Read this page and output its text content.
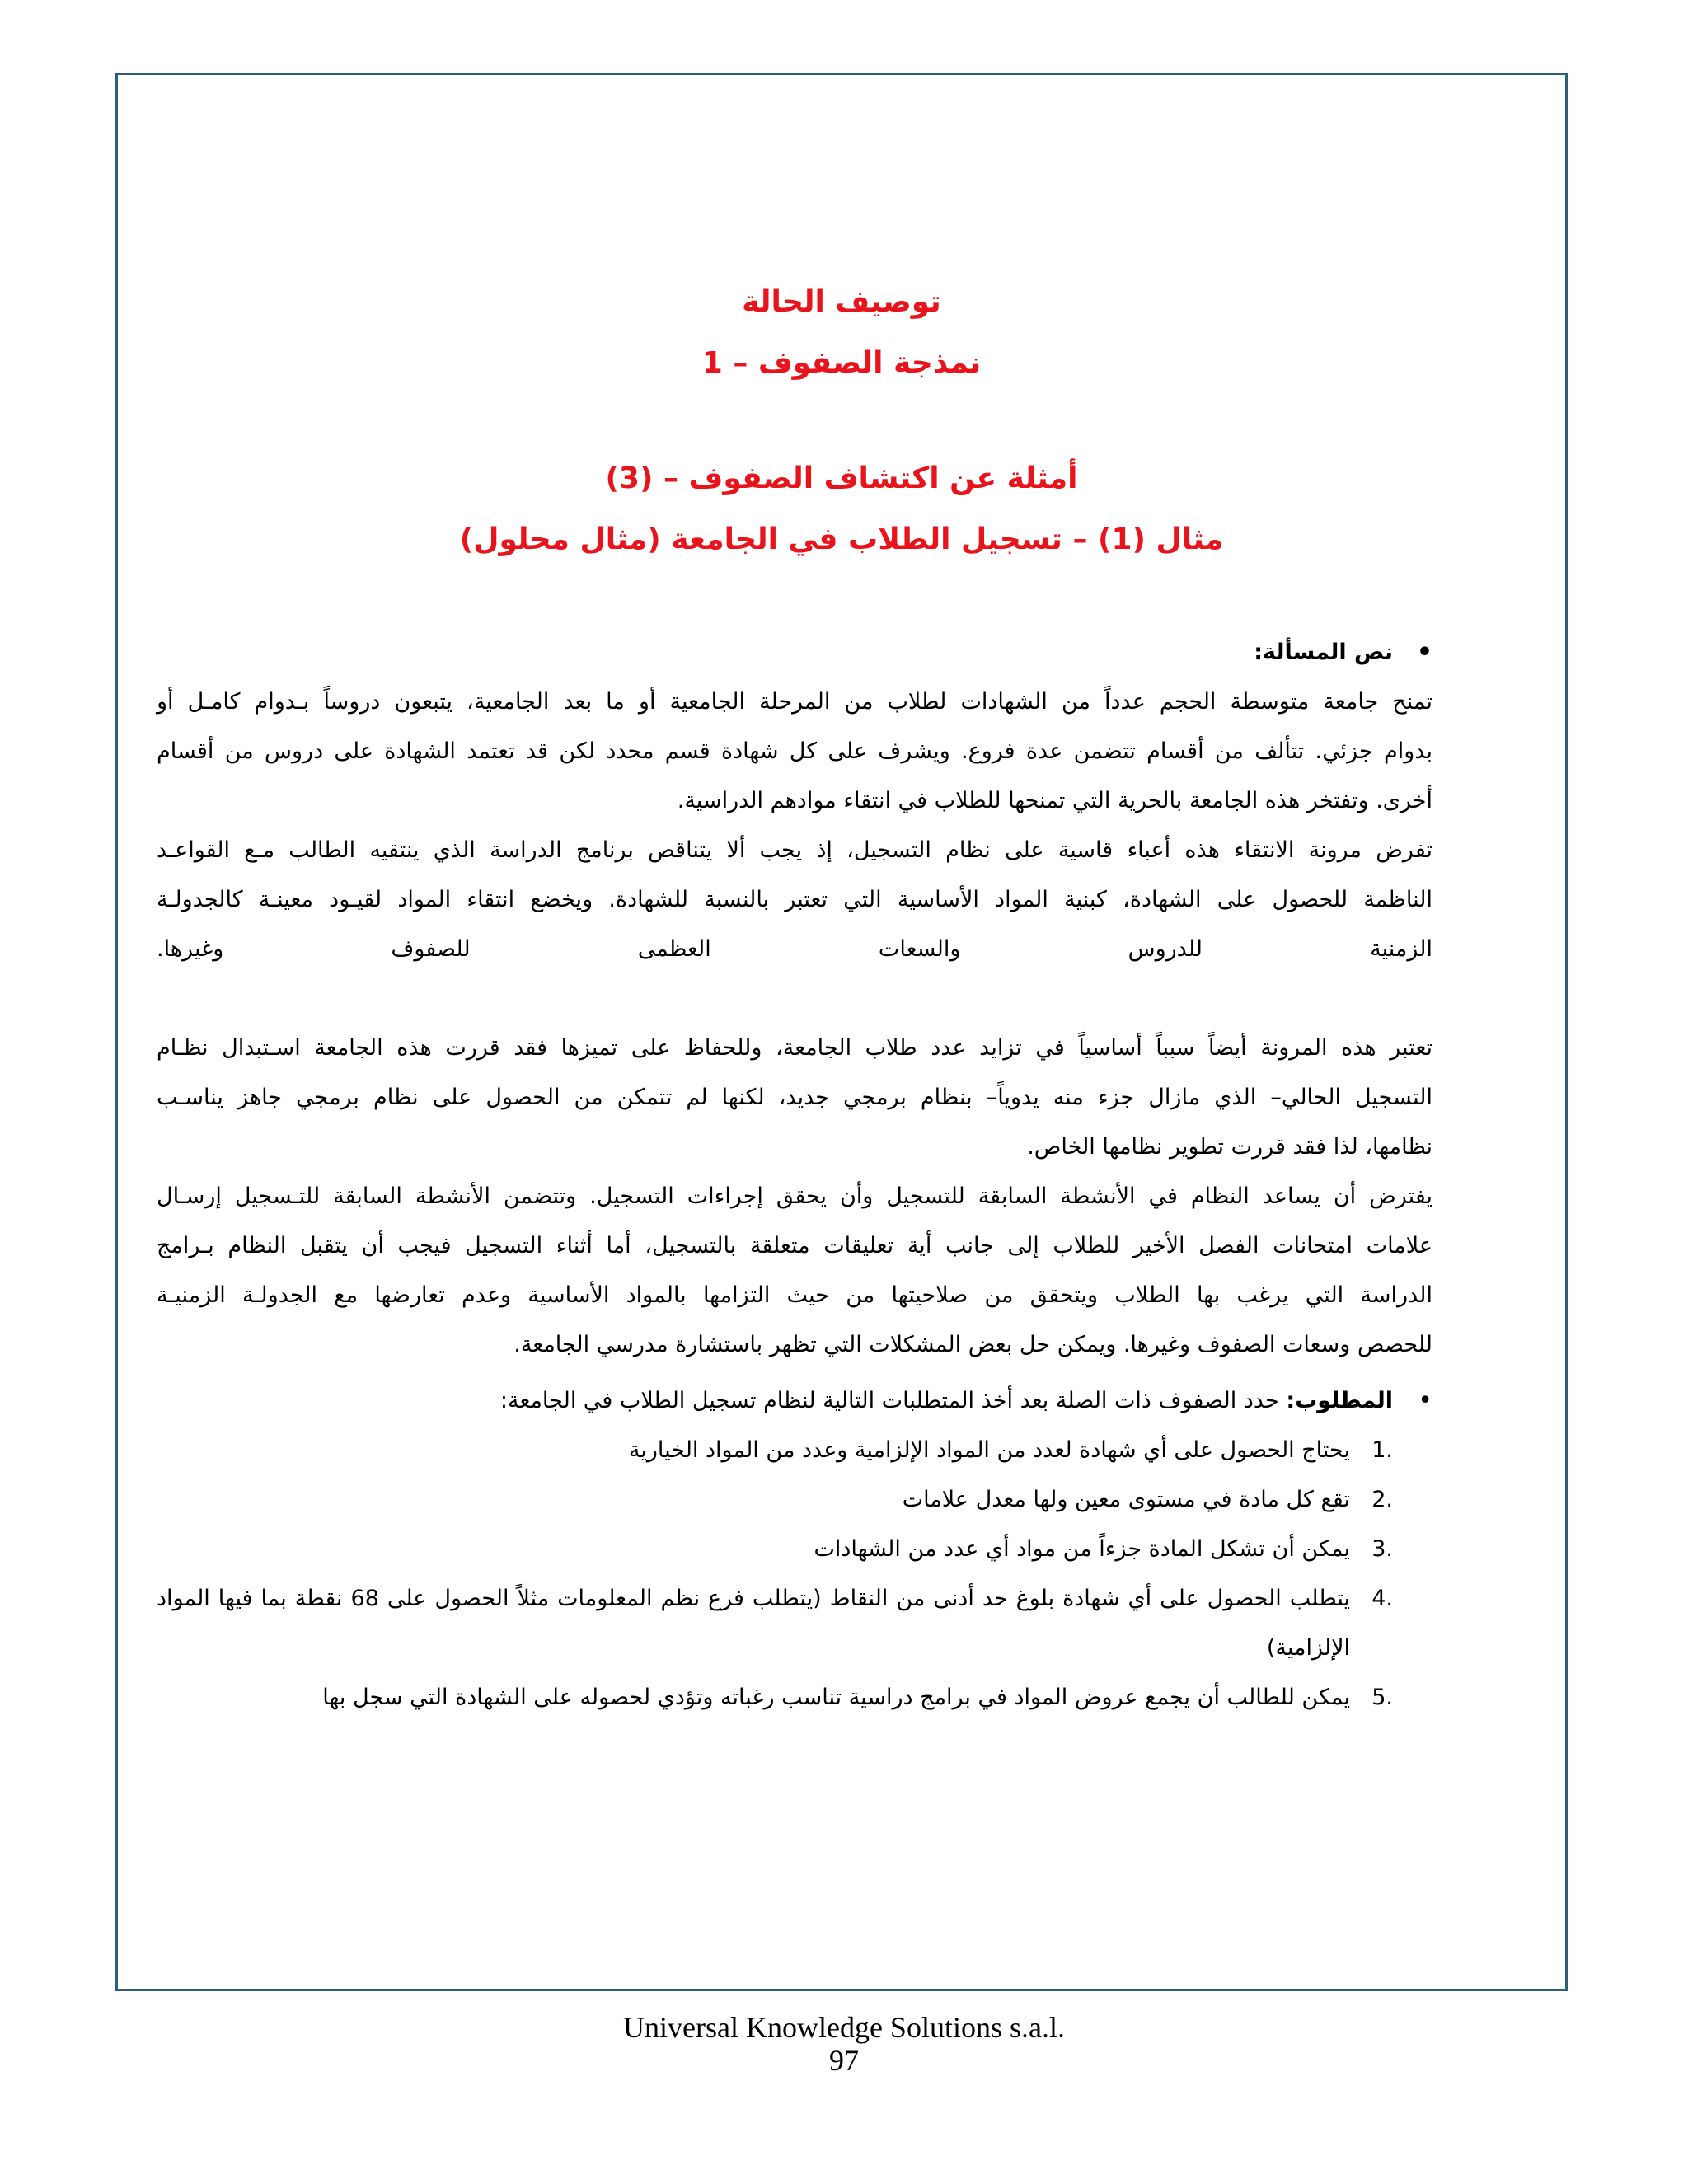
توصيف الحالة
1 – نمذجة الصفوف
(3) – أمثلة عن اكتشاف الصفوف
مثال (1) – تسجيل الطلاب في الجامعة (مثال محلول)
• نص المسألة:

تمنح جامعة متوسطة الحجم عدداً من الشهادات لطلاب من المرحلة الجامعية أو ما بعد الجامعية، يتبعون دروساً بـدوام كامـل أو
بدوام جزئي. تتألف من أقسام تتضمن عدة فروع. ويشرف على كل شهادة قسم محدد لكن قد تعتمد الشهادة على دروس من أقسام
أخرى. وتفتخر هذه الجامعة بالحرية التي تمنحها للطلاب في انتقاء موادهم الدراسية.

تفرض مرونة الانتقاء هذه أعباء قاسية على نظام التسجيل، إذ يجب ألا يتناقص برنامج الدراسة الذي ينتقيه الطالب مـع القواعـد
الناظمة للحصول على الشهادة، كبنية المواد الأساسية التي تعتبر بالنسبة للشهادة. ويخضع انتقاء المواد لقيـود معينـة كالجدولـة
الزمنية للدروس والسعات العظمى للصفوف وغيرها.

تعتبر هذه المرونة أيضاً سبباً أساسياً في تزايد عدد طلاب الجامعة، وللحفاظ على تميزها فقد قررت هذه الجامعة اسـتبدال نظـام
التسجيل الحالي– الذي مازال جزء منه يدوياً– بنظام برمجي جديد، لكنها لم تتمكن من الحصول على نظام برمجي جاهز يناسـب
نظامها، لذا فقد قررت تطوير نظامها الخاص.

يفترض أن يساعد النظام في الأنشطة السابقة للتسجيل وأن يحقق إجراءات التسجيل. وتتضمن الأنشطة السابقة للتـسجيل إرسـال
علامات امتحانات الفصل الأخير للطلاب إلى جانب أية تعليقات متعلقة بالتسجيل، أما أثناء التسجيل فيجب أن يتقبل النظام بـرامج
الدراسة التي يرغب بها الطلاب ويتحقق من صلاحيتها من حيث التزامها بالمواد الأساسية وعدم تعارضها مع الجدولـة الزمنيـة
للحصص وسعات الصفوف وغيرها. ويمكن حل بعض المشكلات التي تظهر باستشارة مدرسي الجامعة.

• المطلوب: حدد الصفوف ذات الصلة بعد أخذ المتطلبات التالية لنظام تسجيل الطلاب في الجامعة:
1.
يحتاج الحصول على أي شهادة لعدد من المواد الإلزامية وعدد من المواد الخيارية
2.
تقع كل مادة في مستوى معين ولها معدل علامات
3.
يمكن أن تشكل المادة جزءاً من مواد أي عدد من الشهادات
4.
يتطلب الحصول على أي شهادة بلوغ حد أدنى من النقاط (يتطلب فرع نظم المعلومات مثلاً الحصول على 68 نقطة بما فيها المواد الإلزامية)
5.
يمكن للطالب أن يجمع عروض المواد في برامج دراسية تناسب رغباته وتؤدي لحصوله على الشهادة التي سجل بها
Universal Knowledge Solutions s.a.l.
97
